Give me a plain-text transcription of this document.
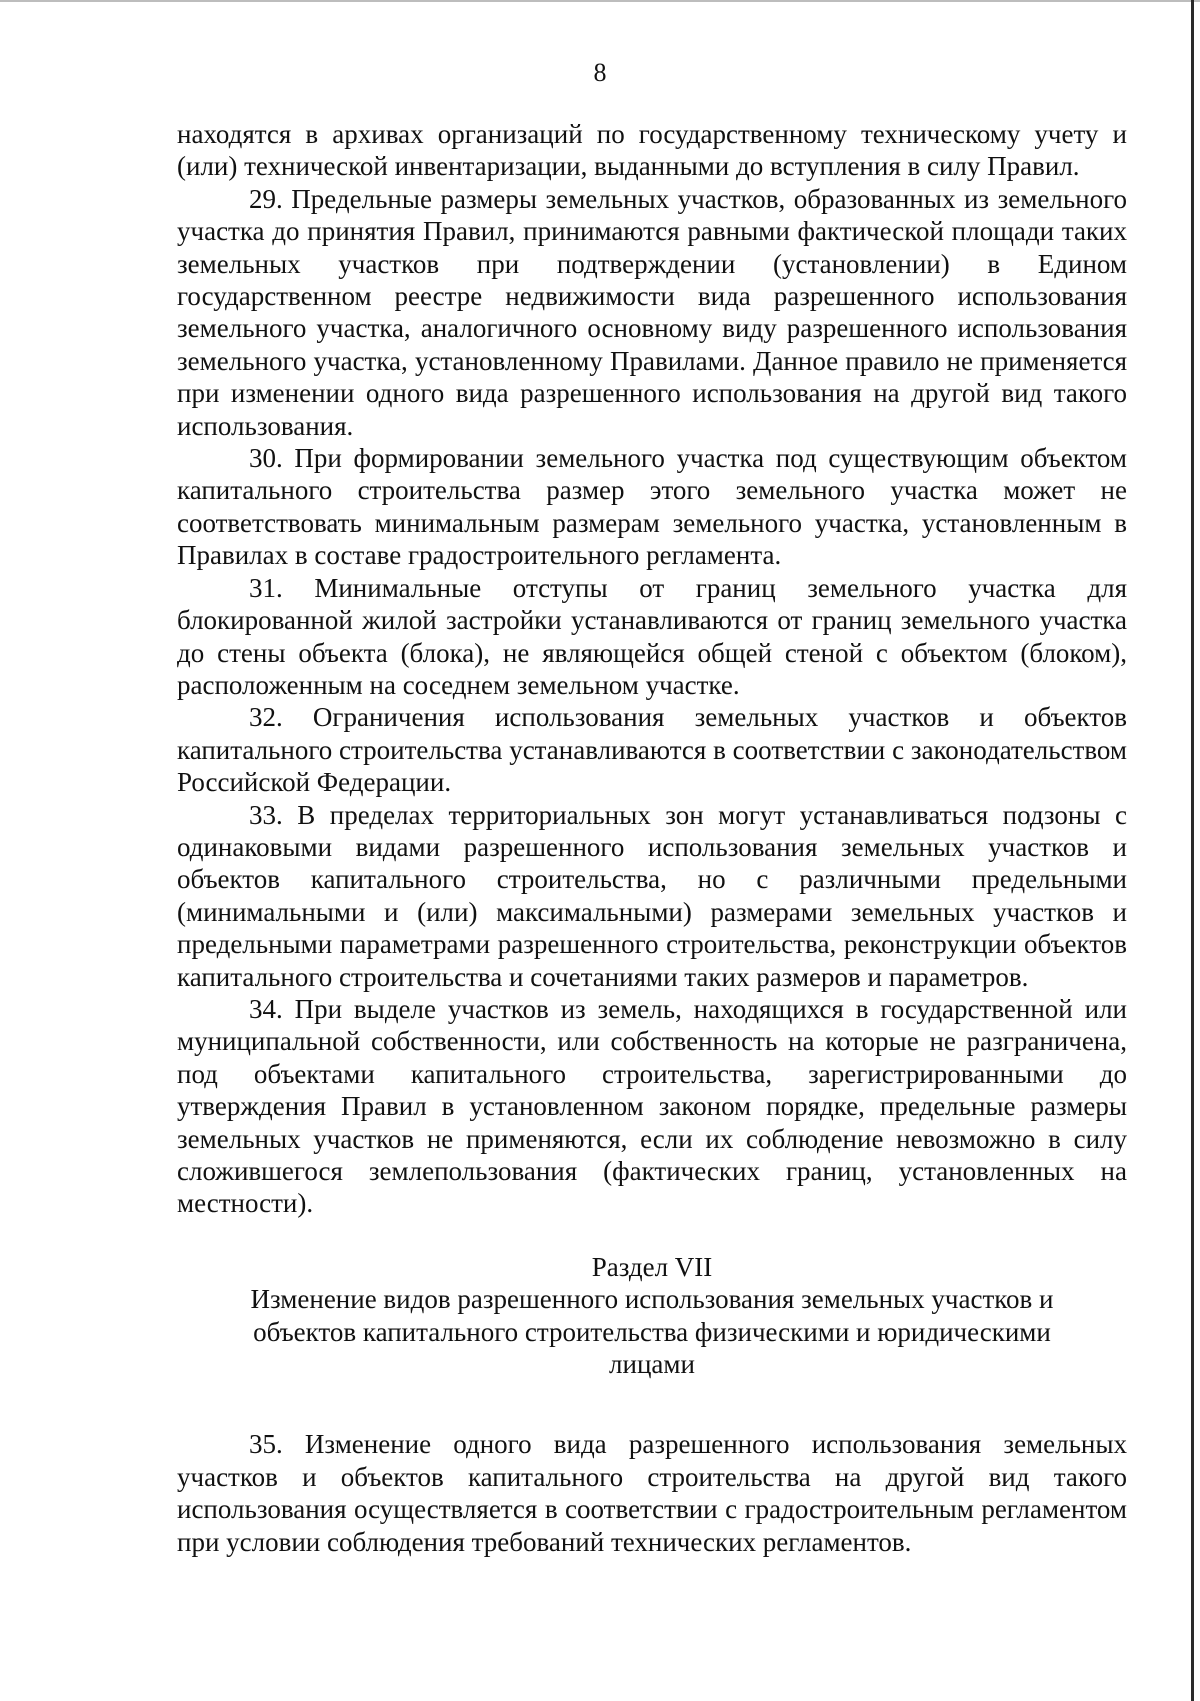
8

находятся в архивах организаций по государственному техническому учету и (или) технической инвентаризации, выданными до вступления в силу Правил.

29. Предельные размеры земельных участков, образованных из земельного участка до принятия Правил, принимаются равными фактической площади таких земельных участков при подтверждении (установлении) в Едином государственном реестре недвижимости вида разрешенного использования земельного участка, аналогичного основному виду разрешенного использования земельного участка, установленному Правилами. Данное правило не применяется при изменении одного вида разрешенного использования на другой вид такого использования.

30. При формировании земельного участка под существующим объектом капитального строительства размер этого земельного участка может не соответствовать минимальным размерам земельного участка, установленным в Правилах в составе градостроительного регламента.

31. Минимальные отступы от границ земельного участка для блокированной жилой застройки устанавливаются от границ земельного участка до стены объекта (блока), не являющейся общей стеной с объектом (блоком), расположенным на соседнем земельном участке.

32. Ограничения использования земельных участков и объектов капитального строительства устанавливаются в соответствии с законодательством Российской Федерации.

33. В пределах территориальных зон могут устанавливаться подзоны с одинаковыми видами разрешенного использования земельных участков и объектов капитального строительства, но с различными предельными (минимальными и (или) максимальными) размерами земельных участков и предельными параметрами разрешенного строительства, реконструкции объектов капитального строительства и сочетаниями таких размеров и параметров.

34. При выделе участков из земель, находящихся в государственной или муниципальной собственности, или собственность на которые не разграничена, под объектами капитального строительства, зарегистрированными до утверждения Правил в установленном законом порядке, предельные размеры земельных участков не применяются, если их соблюдение невозможно в силу сложившегося землепользования (фактических границ, установленных на местности).

Раздел VII

Изменение видов разрешенного использования земельных участков и объектов капитального строительства физическими и юридическими лицами

35. Изменение одного вида разрешенного использования земельных участков и объектов капитального строительства на другой вид такого использования осуществляется в соответствии с градостроительным регламентом при условии соблюдения требований технических регламентов.
